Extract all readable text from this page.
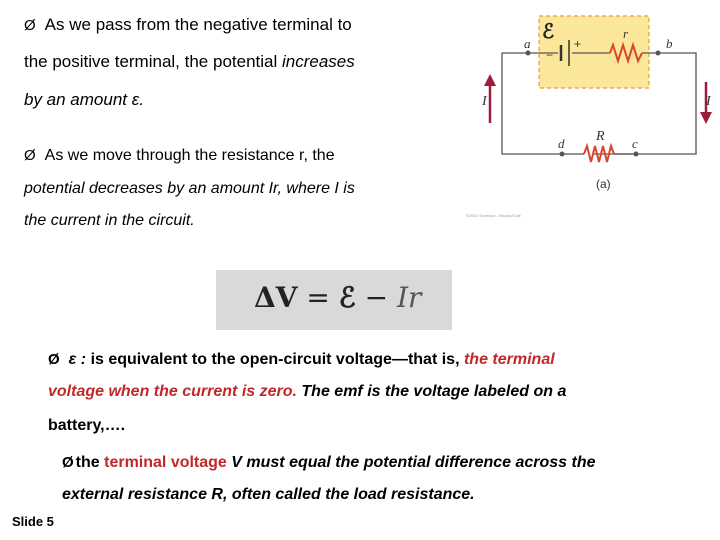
Ø As we pass from the negative terminal to
the positive terminal, the potential increases
by an amount ε.
Ø As we move through the resistance r, the
potential decreases by an amount Ir, where I is
the current in the circuit.
ΔV = ℰ − Ir
Ø ε : is equivalent to the open-circuit voltage—that is, the terminal
voltage when the current is zero. The emf is the voltage labeled on a
battery,….
Ø the terminal voltage V must equal the potential difference across the
external resistance R, often called the load resistance.
ℰ
−
+
a	b
r
d	c
R
I	I
(a)
©2004 Thomson - Brooks/Cole
Slide 5
